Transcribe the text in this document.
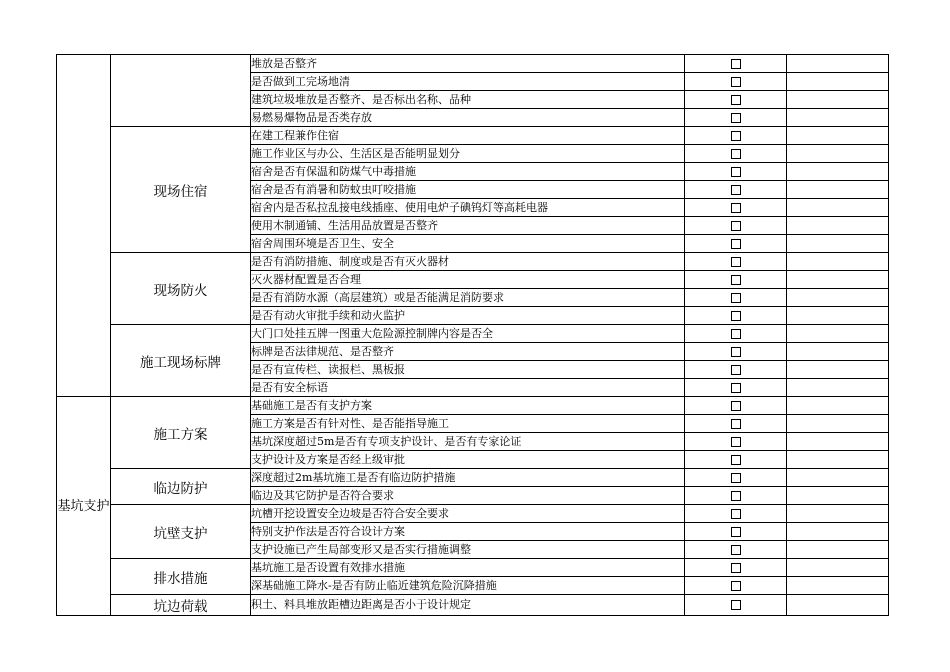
		堆放是否整齐		
		是否做到工完场地清		
		建筑垃圾堆放是否整齐、是否标出名称、品种		
		易燃易爆物品是否类存放		
	现场住宿	在建工程兼作住宿		
		施工作业区与办公、生活区是否能明显划分		
		宿舍是否有保温和防煤气中毒措施		
		宿舍是否有消暑和防蚊虫叮咬措施		
		宿舍内是否私拉乱接电线插座、使用电炉子碘钨灯等高耗电器		
		使用木制通铺、生活用品放置是否整齐		
		宿舍周围环境是否卫生、安全		
	现场防火	是否有消防措施、制度或是否有灭火器材		
		灭火器材配置是否合理		
		是否有消防水源（高层建筑）或是否能满足消防要求		
		是否有动火审批手续和动火监护		
	施工现场标牌	大门口处挂五牌一图重大危险源控制牌内容是否全		
		标牌是否法律规范、是否整齐		
		是否有宣传栏、读报栏、黑板报		
		是否有安全标语		
基坑支护	施工方案	基础施工是否有支护方案		
		施工方案是否有针对性、是否能指导施工		
		基坑深度超过5m是否有专项支护设计、是否有专家论证		
		支护设计及方案是否经上级审批		
	临边防护	深度超过2m基坑施工是否有临边防护措施		
		临边及其它防护是否符合要求		
	坑壁支护	坑槽开挖设置安全边坡是否符合安全要求		
		特别支护作法是否符合设计方案		
		支护设施已产生局部变形又是否实行措施调整		
	排水措施	基坑施工是否设置有效排水措施		
		深基础施工降水-是否有防止临近建筑危险沉降措施		
	坑边荷载	积土、料具堆放距槽边距离是否小于设计规定		
